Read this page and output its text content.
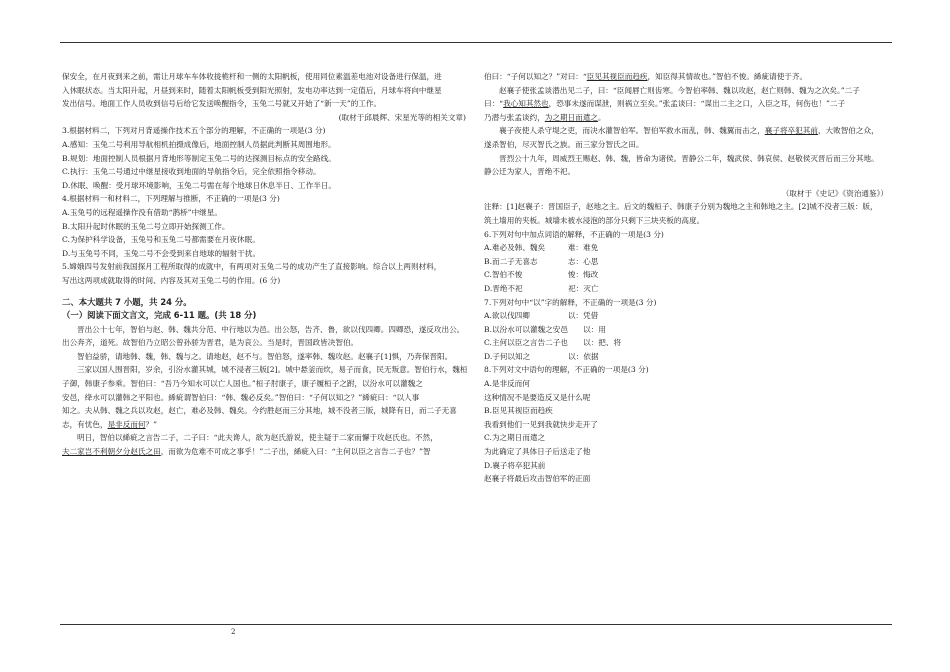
保安全，在月夜到来之前，需让月球车车体收拢桅杆和一侧的太阳帆板，使用同位素温差电池对设备进行保温，进
入休眠状态。当太阳升起，月昼到来时，随着太阳帆板受到阳光照射，发电功率达到一定值后，月球车将向中继星
发出信号。地面工作人员收到信号后给它发送唤醒指令，玉兔二号就又开始了“新一天”的工作。
(取材于邱晨辉、宋星光等的相关文章)
3.根据材料二，下列对月背遥操作技术五个部分的理解，不正确的一项是(3 分)
A.感知：玉兔二号利用导航相机拍摄成像后，地面控制人员据此判断其周围地形。
B.规划：地面控制人员根据月背地形等制定玉兔二号的达探测目标点的安全路线。
C.执行：玉兔二号通过中继星接收到地面的导航指令后，完全依照指令移动。
D.休眠、唤醒：受月球环境影响，玉兔二号需在每个地球日休息半日、工作半日。
4.根据材料一和材料二，下列理解与推断，不正确的一项是(3 分)
A.玉兔号的远程遥操作没有借助“鹊桥”中继星。
B.太阳升起时休眠的玉兔二号立即开始探测工作。
C.为保护科学设备，玉兔号和玉兔二号都需要在月夜休眠。
D.与玉兔号不同，玉兔二号不会受到来自地球的辐射干扰。
5.嫦娥四号发射前我国探月工程所取得的成就中，有两项对玉兔二号的成功产生了直接影响。综合以上两则材料，
写出这两项成就取得的时间、内容及其对玉兔二号的作用。(6 分)
二、本大题共 7 小题，共 24 分。
（一）阅读下面文言文，完成 6-11 题。(共 18 分)
晋出公十七年，智伯与赵、韩、魏共分范、中行地以为邑。出公怒，告齐、鲁，欲以伐四卿。四卿恐，遂反攻出公。
出公奔齐，道死。故智伯乃立昭公曾孙骄为晋君，是为哀公。当是时，晋国政皆决智伯。
智伯益骄，请地韩、魏，韩、魏与之。请地赵，赵不与。智伯怒，遂率韩、魏攻赵。赵襄子[1]惧，乃奔保晋阳。
三家以国人围晋阳，岁余，引汾水灌其城，城不浸者三版[2]。城中悬釜而炊，易子而食，民无叛意。智伯行水，魏桓
子御，韩康子参乘。智伯曰：“吾乃今知水可以亡人国也。”桓子肘康子，康子履桓子之跗，以汾水可以灌魏之
安邑，绛水可以灌韩之平阳也。絺疵谓智伯曰：“韩、魏必反矣。”智伯曰：“子何以知之？”絺疵曰：“以人事
知之。夫从韩、魏之兵以攻赵，赵亡，难必及韩、魏矣。今约胜赵而三分其地，城不没者三版，城降有日，而二子无喜
志，有忧色，是非反而何？”
明日，智伯以絺疵之言告二子，二子曰：“此夫谗人，欲为赵氏游说，使主疑于二家而懈于攻赵氏也。不然，
夫二家岂不利朝夕分赵氏之田，而欲为危难不可成之事乎！”二子出，絺疵入曰：“主何以臣之言告二子也？”智
伯曰：“子何以知之？”对曰：“臣见其视臣而趋疾，知臣得其情故也。”智伯不悛。絺疵请使于齐。
赵襄子使张孟谈潜出见二子，曰：“臣闻唇亡则齿寒。今智伯率韩、魏以攻赵，赵亡则韩、魏为之次矣。”二子
曰：“我心知其然也，恐事未遂而谋泄，则祸立至矣。”张孟谈曰：“谋出二主之口，入臣之耳，何伤也！”二子
乃潜与张孟谈约，为之期日而遣之。
襄子夜使人杀守堤之吏，而决水灌智伯军。智伯军救水而乱，韩、魏翼而击之，襄子将卒犯其前，大败智伯之众，
遂杀智伯，尽灭智氏之族。而三家分智氏之田。
晋烈公十九年，周威烈王赐赵、韩、魏，皆命为诸侯。晋静公二年，魏武侯、韩哀侯、赵敬侯灭晋后而三分其地。
静公迁为家人，晋绝不祀。
（取材于《史记》《资治通鉴》）
注释：[1]赵襄子：晋国臣子，赵地之主。后文的魏桓子、韩康子分别为魏地之主和韩地之主。[2]城不没者三版：版，
筑土墙用的夹板。城墙未被水浸泡的部分只剩下三块夹板的高度。
6.下列对句中加点词语的解释，不正确的一项是(3 分)
A.难必及韩、魏矣　　　难：难免
B.而二子无喜志　　　　志：心思
C.智伯不悛　　　　　　悛：悔改
D.晋绝不祀　　　　　　祀：灭亡
7.下列对句中“以”字的解释，不正确的一项是(3 分)
A.欲以伐四卿　　　　　以：凭借
B.以汾水可以灌魏之安邑　　以：用
C.主何以臣之言告二子也　　以：把、将
D.子何以知之　　　　　以：依据
8.下列对文中语句的理解，不正确的一项是(3 分)
A.是非反而何
这种情况不是要造反又是什么呢
B.臣见其视臣而趋疾
我看到他们一见到我就快步走开了
C.为之期日而遣之
为此确定了具体日子后送走了他
D.襄子将卒犯其前
赵襄子将最后攻击智伯军的正面
2
